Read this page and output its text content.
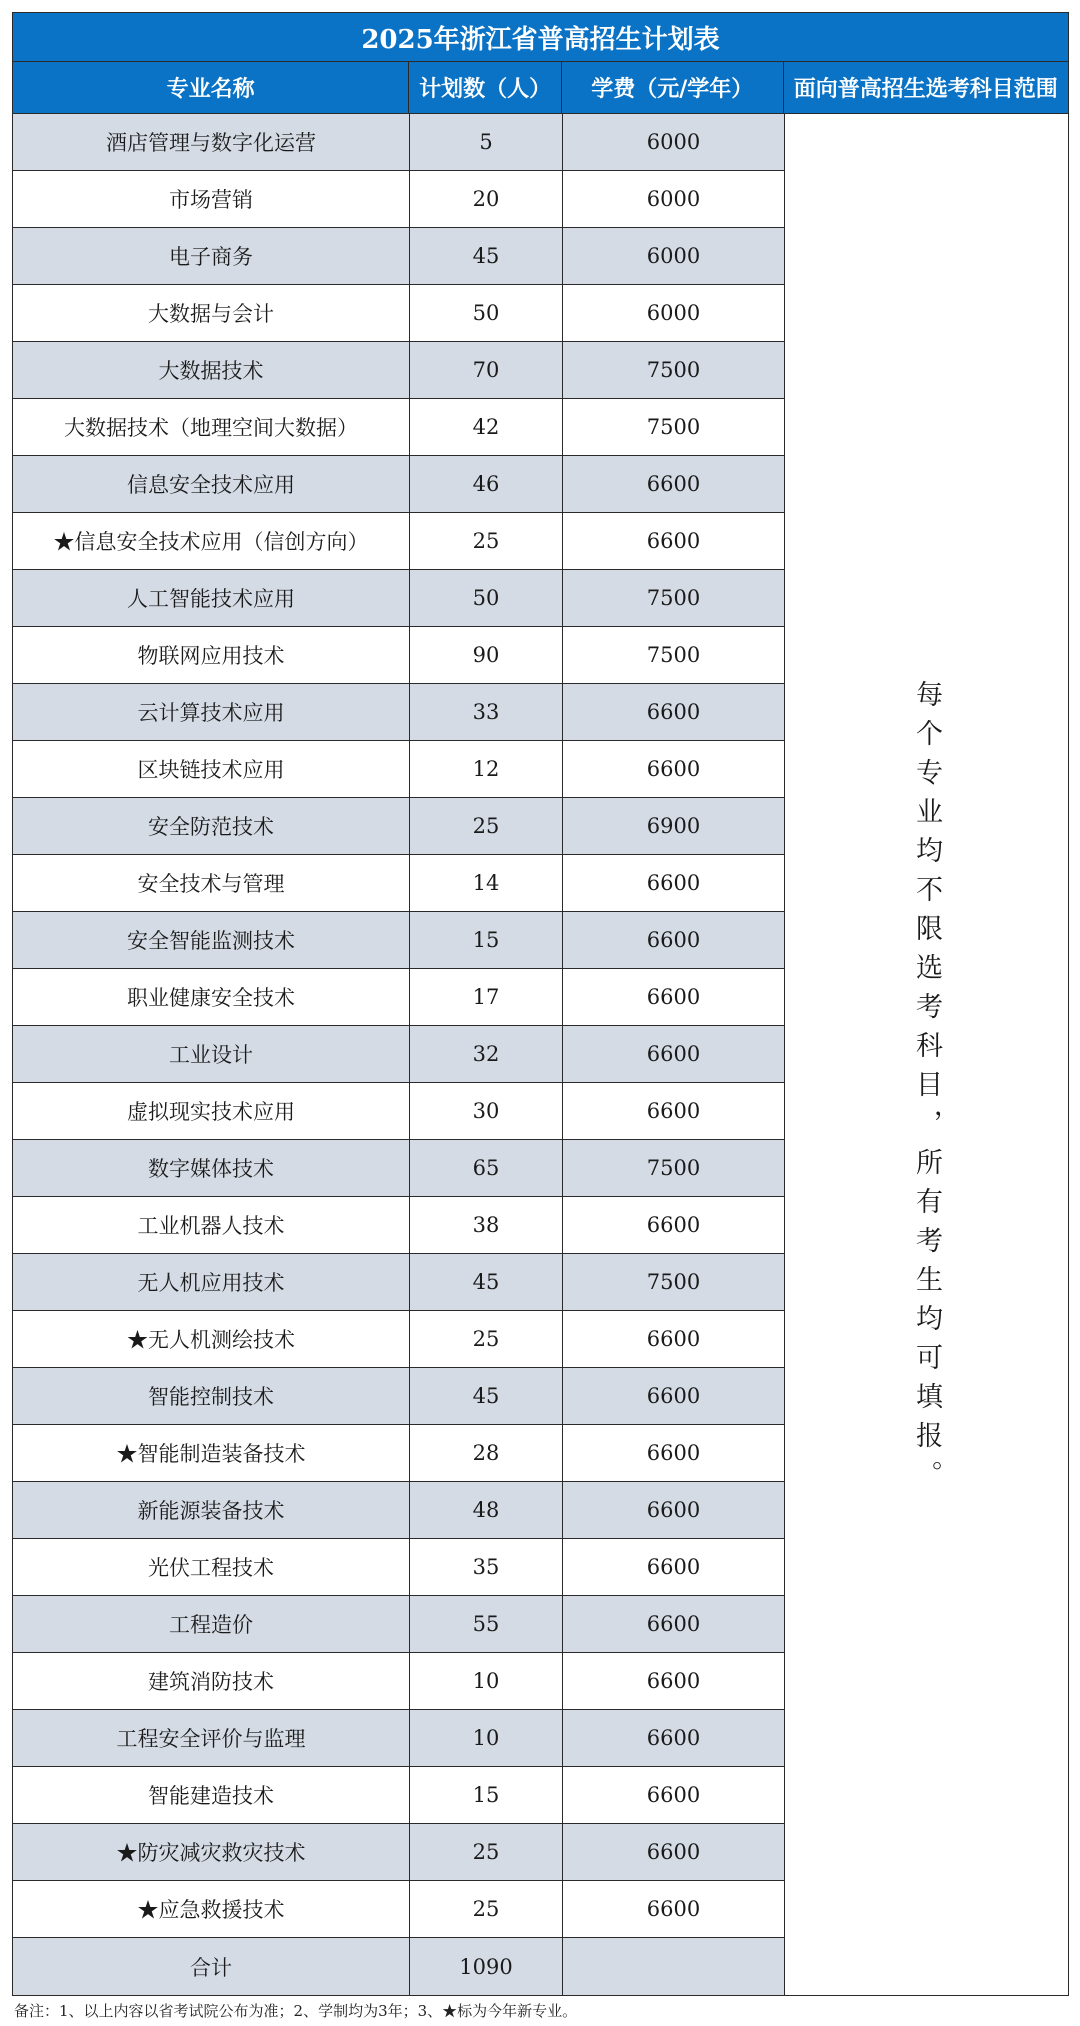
2025年浙江省普高招生计划表
专业名称	计划数（人）	学费（元/学年）	面向普高招生选考科目范围
酒店管理与数字化运营	5	6000
市场营销	20	6000
电子商务	45	6000
大数据与会计	50	6000
大数据技术	70	7500
大数据技术（地理空间大数据）	42	7500
信息安全技术应用	46	6600
★信息安全技术应用（信创方向）	25	6600
人工智能技术应用	50	7500
物联网应用技术	90	7500
云计算技术应用	33	6600
区块链技术应用	12	6600
安全防范技术	25	6900
安全技术与管理	14	6600
安全智能监测技术	15	6600
职业健康安全技术	17	6600
工业设计	32	6600
虚拟现实技术应用	30	6600
数字媒体技术	65	7500
工业机器人技术	38	6600
无人机应用技术	45	7500
★无人机测绘技术	25	6600
智能控制技术	45	6600
★智能制造装备技术	28	6600
新能源装备技术	48	6600
光伏工程技术	35	6600
工程造价	55	6600
建筑消防技术	10	6600
工程安全评价与监理	10	6600
智能建造技术	15	6600
★防灾减灾救灾技术	25	6600
★应急救援技术	25	6600
合计	1090
每个专业均不限选考科目，所有考生均可填报。
备注：1、以上内容以省考试院公布为准；2、学制均为3年；3、★标为今年新专业。
